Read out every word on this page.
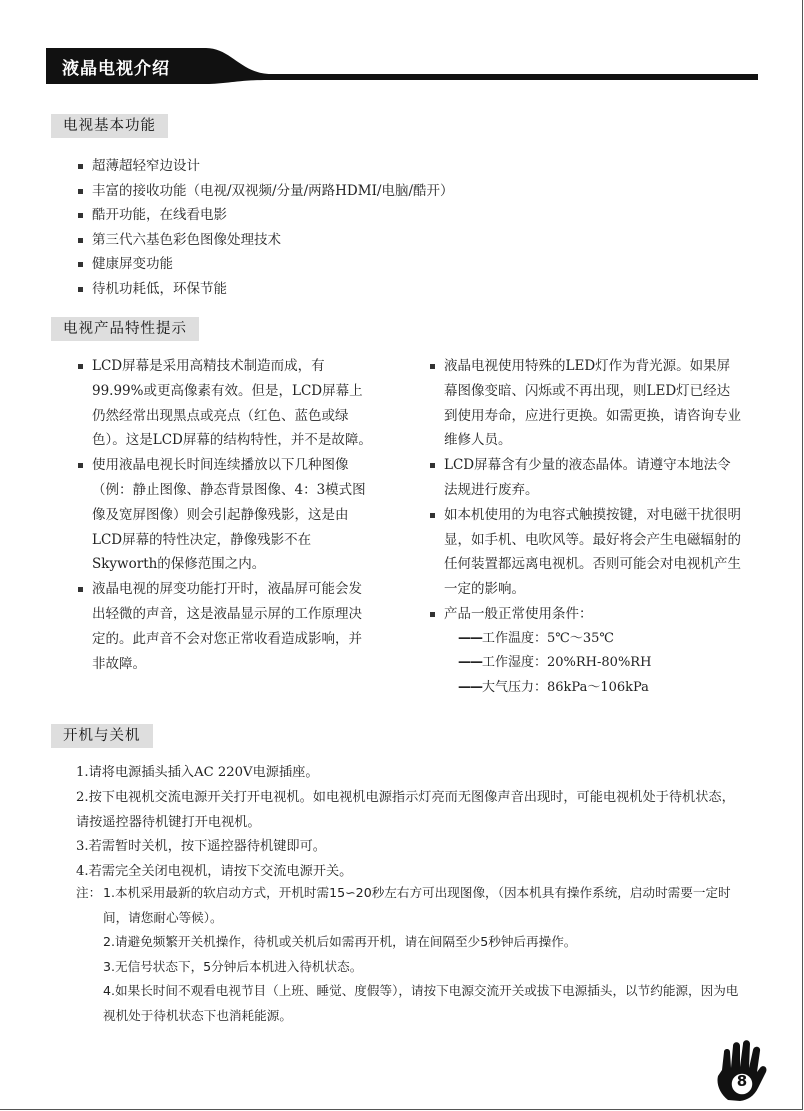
液晶电视介绍
电视基本功能
超薄超轻窄边设计
丰富的接收功能（电视/双视频/分量/两路HDMI/电脑/酷开）
酷开功能，在线看电影
第三代六基色彩色图像处理技术
健康屏变功能
待机功耗低，环保节能
电视产品特性提示
LCD屏幕是采用高精技术制造而成，有99.99%或更高像素有效。但是，LCD屏幕上仍然经常出现黑点或亮点（红色、蓝色或绿色）。这是LCD屏幕的结构特性，并不是故障。
使用液晶电视长时间连续播放以下几种图像（例：静止图像、静态背景图像、4：3模式图像及宽屏图像）则会引起静像残影，这是由LCD屏幕的特性决定，静像残影不在Skyworth的保修范围之内。
液晶电视的屏变功能打开时，液晶屏可能会发出轻微的声音，这是液晶显示屏的工作原理决定的。此声音不会对您正常收看造成影响，并非故障。
液晶电视使用特殊的LED灯作为背光源。如果屏幕图像变暗、闪烁或不再出现，则LED灯已经达到使用寿命，应进行更换。如需更换，请咨询专业维修人员。
LCD屏幕含有少量的液态晶体。请遵守本地法令法规进行废弃。
如本机使用的为电容式触摸按键，对电磁干扰很明显，如手机、电吹风等。最好将会产生电磁辐射的任何装置都远离电视机。否则可能会对电视机产生一定的影响。
产品一般正常使用条件：
——工作温度：5℃～35℃
——工作湿度：20%RH-80%RH
——大气压力：86kPa～106kPa
开机与关机

1.请将电源插头插入AC 220V电源插座。

2.按下电视机交流电源开关打开电视机。如电视机电源指示灯亮而无图像声音出现时，可能电视机处于待机状态，请按遥控器待机键打开电视机。

3.若需暂时关机，按下遥控器待机键即可。

4.若需完全关闭电视机，请按下交流电源开关。

注： 1.本机采用最新的软启动方式，开机时需15∽20秒左右方可出现图像，（因本机具有操作系统，启动时需要一定时间，请您耐心等候）。
2.请避免频繁开关机操作，待机或关机后如需再开机，请在间隔至少5秒钟后再操作。
3.无信号状态下，5分钟后本机进入待机状态。
4.如果长时间不观看电视节目（上班、睡觉、度假等），请按下电源交流开关或拔下电源插头，以节约能源，因为电视机处于待机状态下也消耗能源。
8
